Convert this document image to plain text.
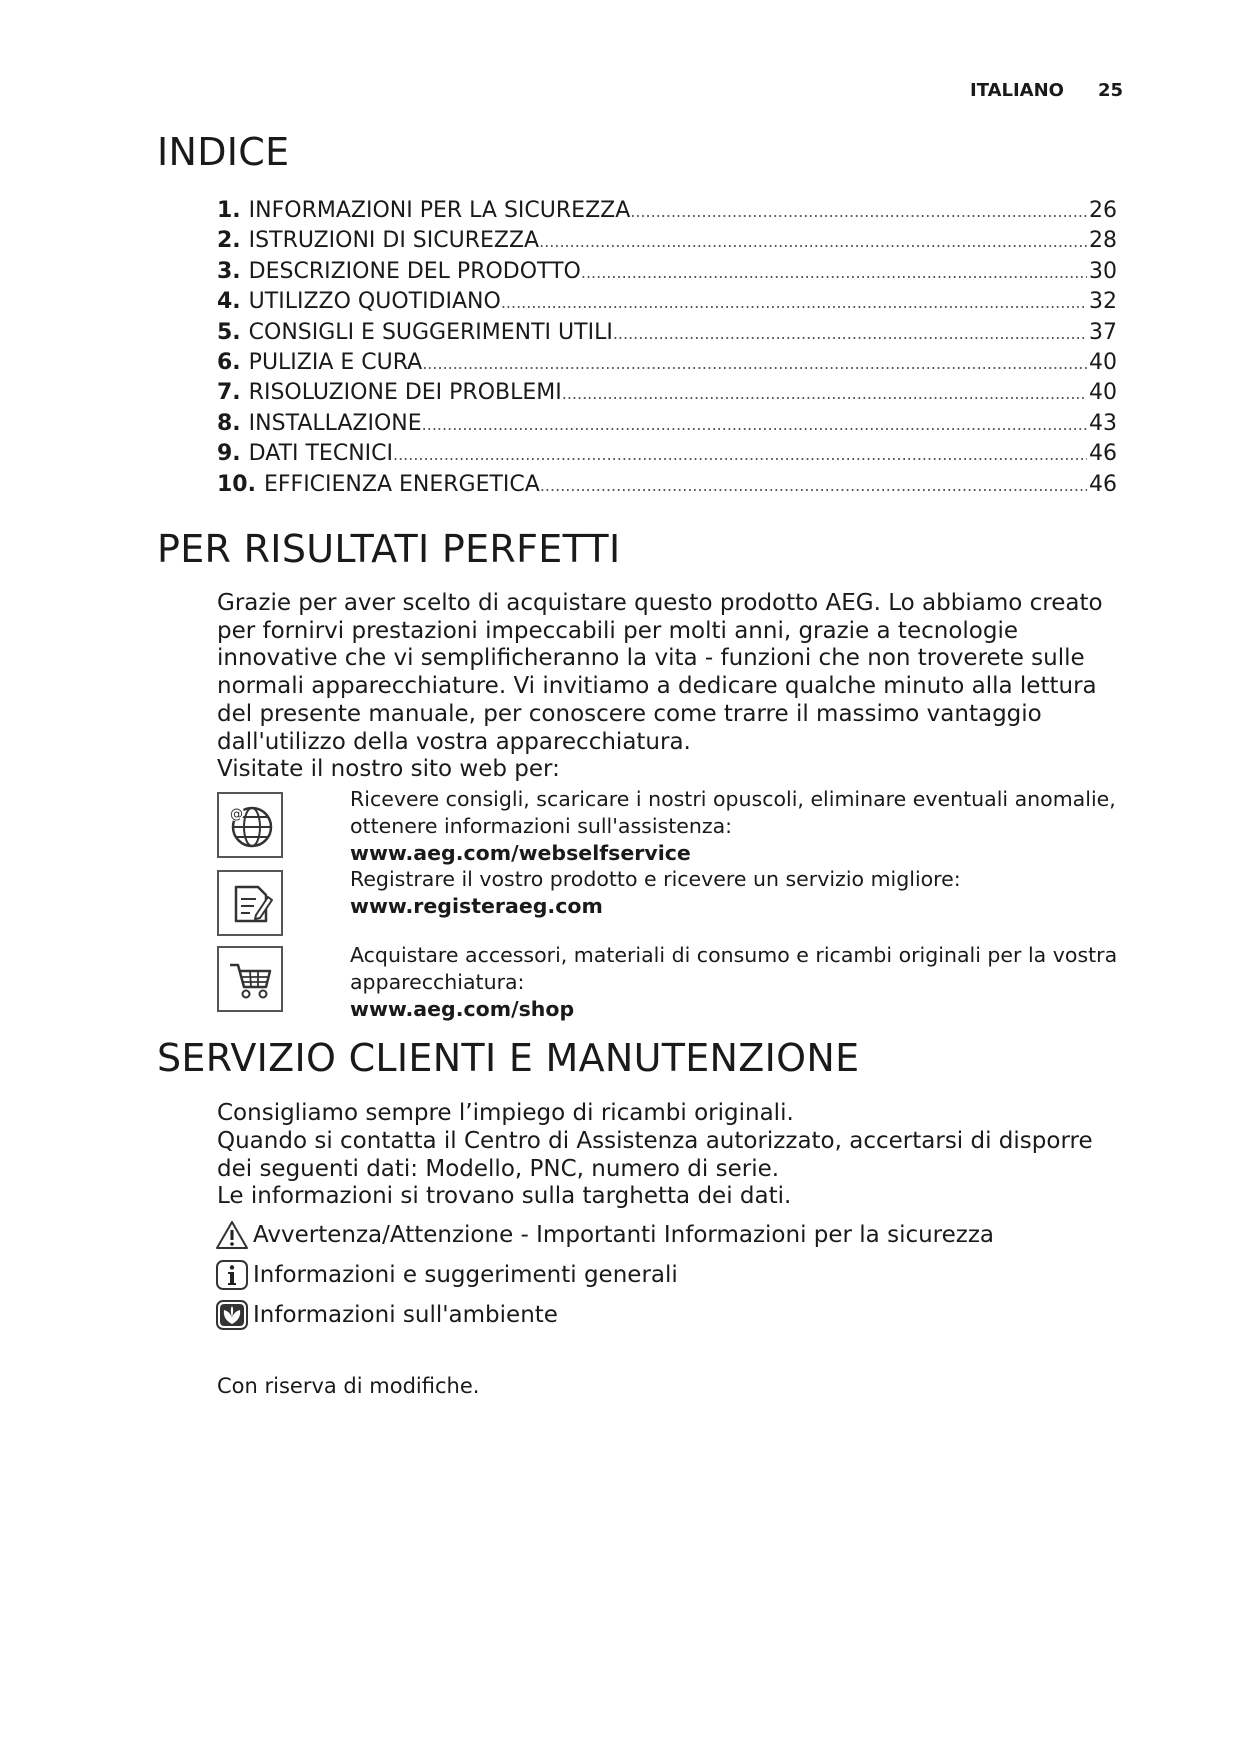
ITALIANO 25
INDICE
1. INFORMAZIONI PER LA SICUREZZA .....	26
2. ISTRUZIONI DI SICUREZZA .....	28
3. DESCRIZIONE DEL PRODOTTO .....	30
4. UTILIZZO QUOTIDIANO .....	32
5. CONSIGLI E SUGGERIMENTI UTILI .....	37
6. PULIZIA E CURA .....	40
7. RISOLUZIONE DEI PROBLEMI .....	40
8. INSTALLAZIONE .....	43
9. DATI TECNICI .....	46
10. EFFICIENZA ENERGETICA .....	46
PER RISULTATI PERFETTI

Grazie per aver scelto di acquistare questo prodotto AEG. Lo abbiamo creato per fornirvi prestazioni impeccabili per molti anni, grazie a tecnologie innovative che vi semplificheranno la vita - funzioni che non troverete sulle normali apparecchiature. Vi invitiamo a dedicare qualche minuto alla lettura del presente manuale, per conoscere come trarre il massimo vantaggio dall'utilizzo della vostra apparecchiatura.

Visitate il nostro sito web per:

@
Ricevere consigli, scaricare i nostri opuscoli, eliminare eventuali anomalie, ottenere informazioni sull'assistenza:
www.aeg.com/webselfservice
Registrare il vostro prodotto e ricevere un servizio migliore:
www.registeraeg.com
Acquistare accessori, materiali di consumo e ricambi originali per la vostra apparecchiatura:
www.aeg.com/shop
SERVIZIO CLIENTI E MANUTENZIONE

Consigliamo sempre l’impiego di ricambi originali.

Quando si contatta il Centro di Assistenza autorizzato, accertarsi di disporre dei seguenti dati: Modello, PNC, numero di serie.

Le informazioni si trovano sulla targhetta dei dati.

Avvertenza/Attenzione - Importanti Informazioni per la sicurezza
Informazioni e suggerimenti generali
Informazioni sull'ambiente
Con riserva di modifiche.
